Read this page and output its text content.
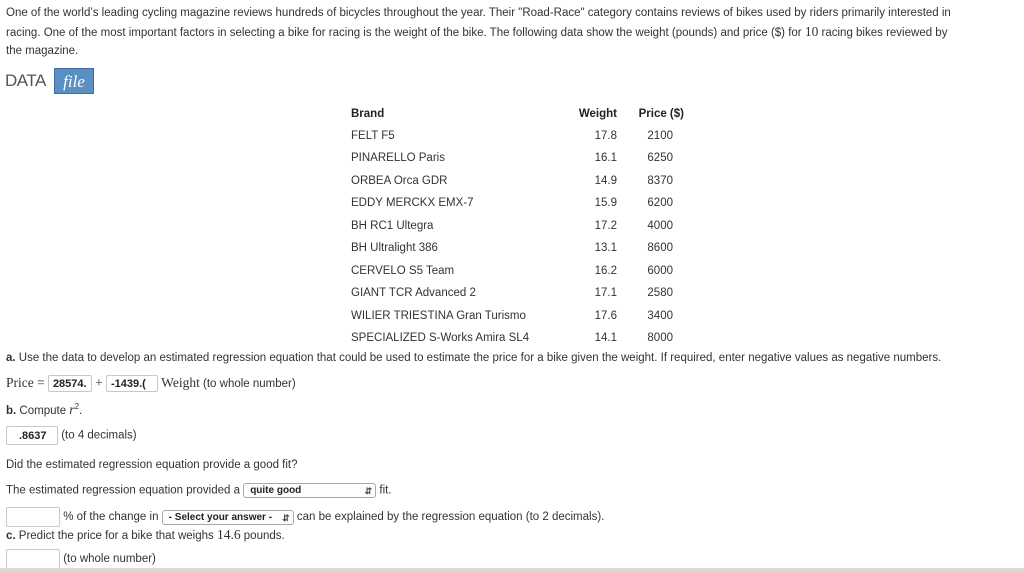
One of the world’s leading cycling magazine reviews hundreds of bicycles throughout the year. Their "Road-Race" category contains reviews of bikes used by riders primarily interested in
racing. One of the most important factors in selecting a bike for racing is the weight of the bike. The following data show the weight (pounds) and price ($) for 10 racing bikes reviewed by
the magazine.
DATA	file
Brand	Weight	Price ($)
FELT F5	17.8	2100
PINARELLO Paris	16.1	6250
ORBEA Orca GDR	14.9	8370
EDDY MERCKX EMX-7	15.9	6200
BH RC1 Ultegra	17.2	4000
BH Ultralight 386	13.1	8600
CERVELO S5 Team	16.2	6000
GIANT TCR Advanced 2	17.1	2580
WILIER TRIESTINA Gran Turismo	17.6	3400
SPECIALIZED S-Works Amira SL4	14.1	8000
a. Use the data to develop an estimated regression equation that could be used to estimate the price for a bike given the weight. If required, enter negative values as negative numbers.
Price = 28574. + -1439.( Weight (to whole number)
b. Compute $r^2$.
.8637 (to 4 decimals)
Did the estimated regression equation provide a good fit?
The estimated regression equation provided a quite good	⇵ fit.
% of the change in - Select your answer - ⇵ can be explained by the regression equation (to 2 decimals).
c. Predict the price for a bike that weighs 14.6 pounds.
(to whole number)
